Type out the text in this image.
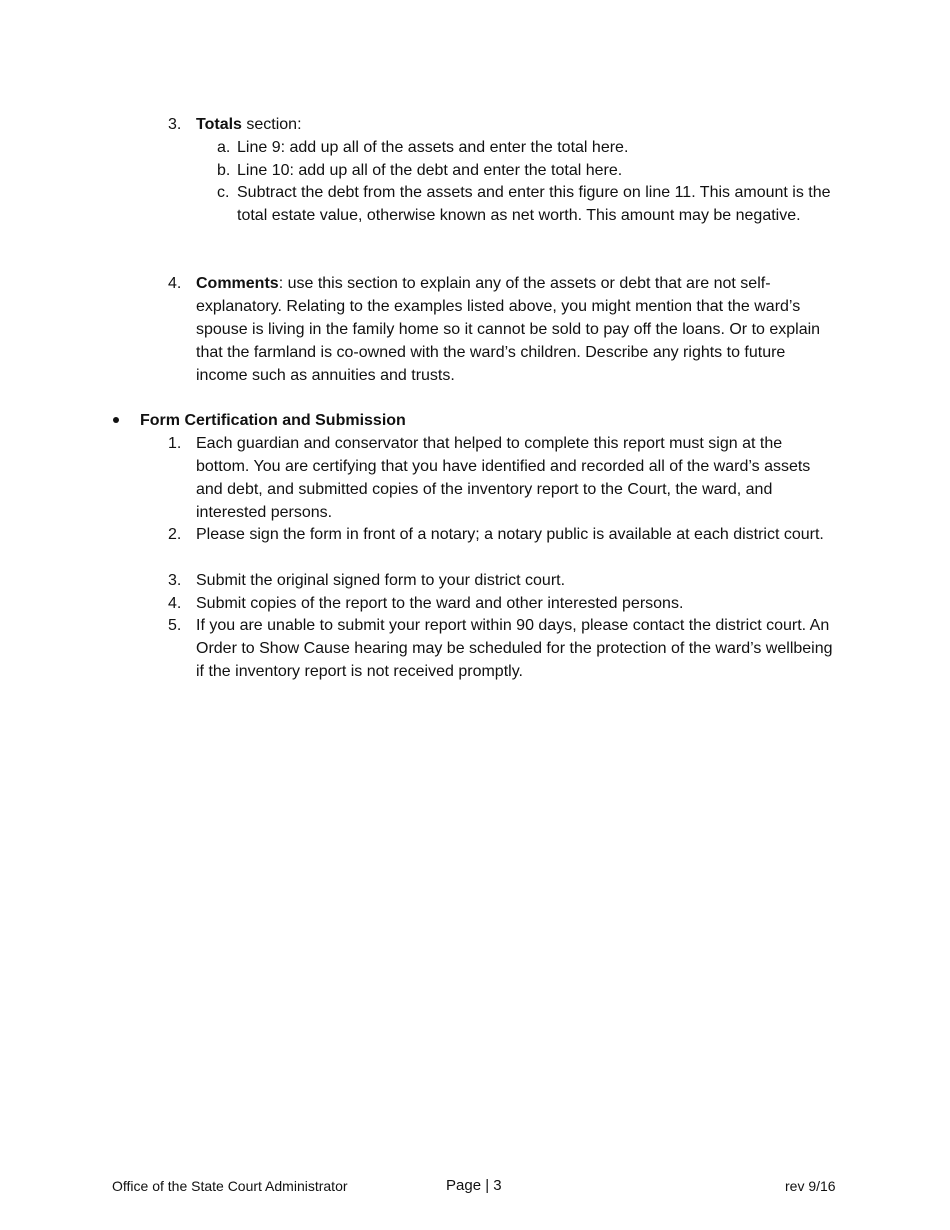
3. Totals section:
a. Line 9: add up all of the assets and enter the total here.
b. Line 10: add up all of the debt and enter the total here.
c. Subtract the debt from the assets and enter this figure on line 11. This amount is the total estate value, otherwise known as net worth. This amount may be negative.
4. Comments: use this section to explain any of the assets or debt that are not self-explanatory. Relating to the examples listed above, you might mention that the ward’s spouse is living in the family home so it cannot be sold to pay off the loans. Or to explain that the farmland is co-owned with the ward’s children. Describe any rights to future income such as annuities and trusts.
Form Certification and Submission
1. Each guardian and conservator that helped to complete this report must sign at the bottom. You are certifying that you have identified and recorded all of the ward’s assets and debt, and submitted copies of the inventory report to the Court, the ward, and interested persons.
2. Please sign the form in front of a notary; a notary public is available at each district court.
3. Submit the original signed form to your district court.
4. Submit copies of the report to the ward and other interested persons.
5. If you are unable to submit your report within 90 days, please contact the district court. An Order to Show Cause hearing may be scheduled for the protection of the ward’s wellbeing if the inventory report is not received promptly.
Office of the State Court Administrator	Page | 3	rev 9/16
